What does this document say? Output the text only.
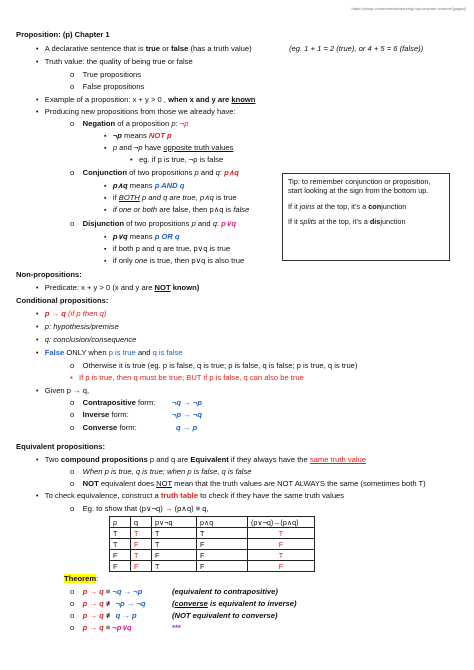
https://pinup.com/notes/uniworking-hq/computer-science/[page#]
Proposition: (p) Chapter 1
• A declarative sentence that is true or false (has a truth value)	(eg. 1 + 1 = 2 (true), or 4 + 5 = 6 (false))
• Truth value: the quality of being true or false
o    True propositions
o    False propositions
• Example of a proposition: x + y > 0 , when x and y are known
• Producing new propositions from those we already have:
o    Negation of a proposition p: ¬p
▪ ¬p means NOT p
▪ p and ¬p have opposite truth values
•   eg. if p is true, ¬p is false
o    Conjunction of two propositions p and q: p∧q
▪ p∧q means p AND q
▪ if BOTH p and q are true, p∧q is true
▪ if one or both are false, then p∧q is false
o    Disjunction of two propositions p and q: p∨q
▪ p∨q means p OR q
▪ if both p and q are true, p∨q is true
▪ if only one is true, then p∨q is also true

Tip: to remember conjunction or proposition, start looking at the sign from the bottom up.

If it joins at the top, it’s a conjunction

If it splits at the top, it’s a disjunction

Non-propositions:
• Predicate: x + y > 0 (x and y are NOT known)
Conditional propositions:
• p → q (if p then q)
• p: hypothesis/premise
• q: conclusion/consequence
• False ONLY when p is true and q is false
o    Otherwise it is true (eg. p is false, q is true; p is false, q is false; p is true, q is true)
▪ If p is true, then q must be true; BUT if p is false, q can also be true
• Given p → q,
o    Contrapositive form: ¬q → ¬p
o    Inverse form:	¬p → ¬q
o    Converse form:	q → p
Equivalent propositions:
• Two compound propositions p and q are Equivalent if they always have the same truth value
o    When p is true, q is true; when p is false, q is false
o    NOT equivalent does NOT mean that the truth values are NOT ALWAYS the same (sometimes both T)
• To check equivalence, construct a truth table to check if they have the same truth values
o    Eg. to show that (p∨¬q) → (p∧q) ≡ q,
p	q	p∨¬q	p∧q	(p∨¬q)→(p∧q)
T	T	T	T	T
T	F	T	F	F
F	T	F	F	T
F	F	T	F	F
Theorem:
o    p → q ≡ ¬q → ¬p	(equivalent to contrapositive)
o    p → q ≢ ¬p → ¬q	(converse is equivalent to inverse)
o    p → q ≢ q → p	(NOT equivalent to converse)
o    p → q ≡ ¬p∨q	***
